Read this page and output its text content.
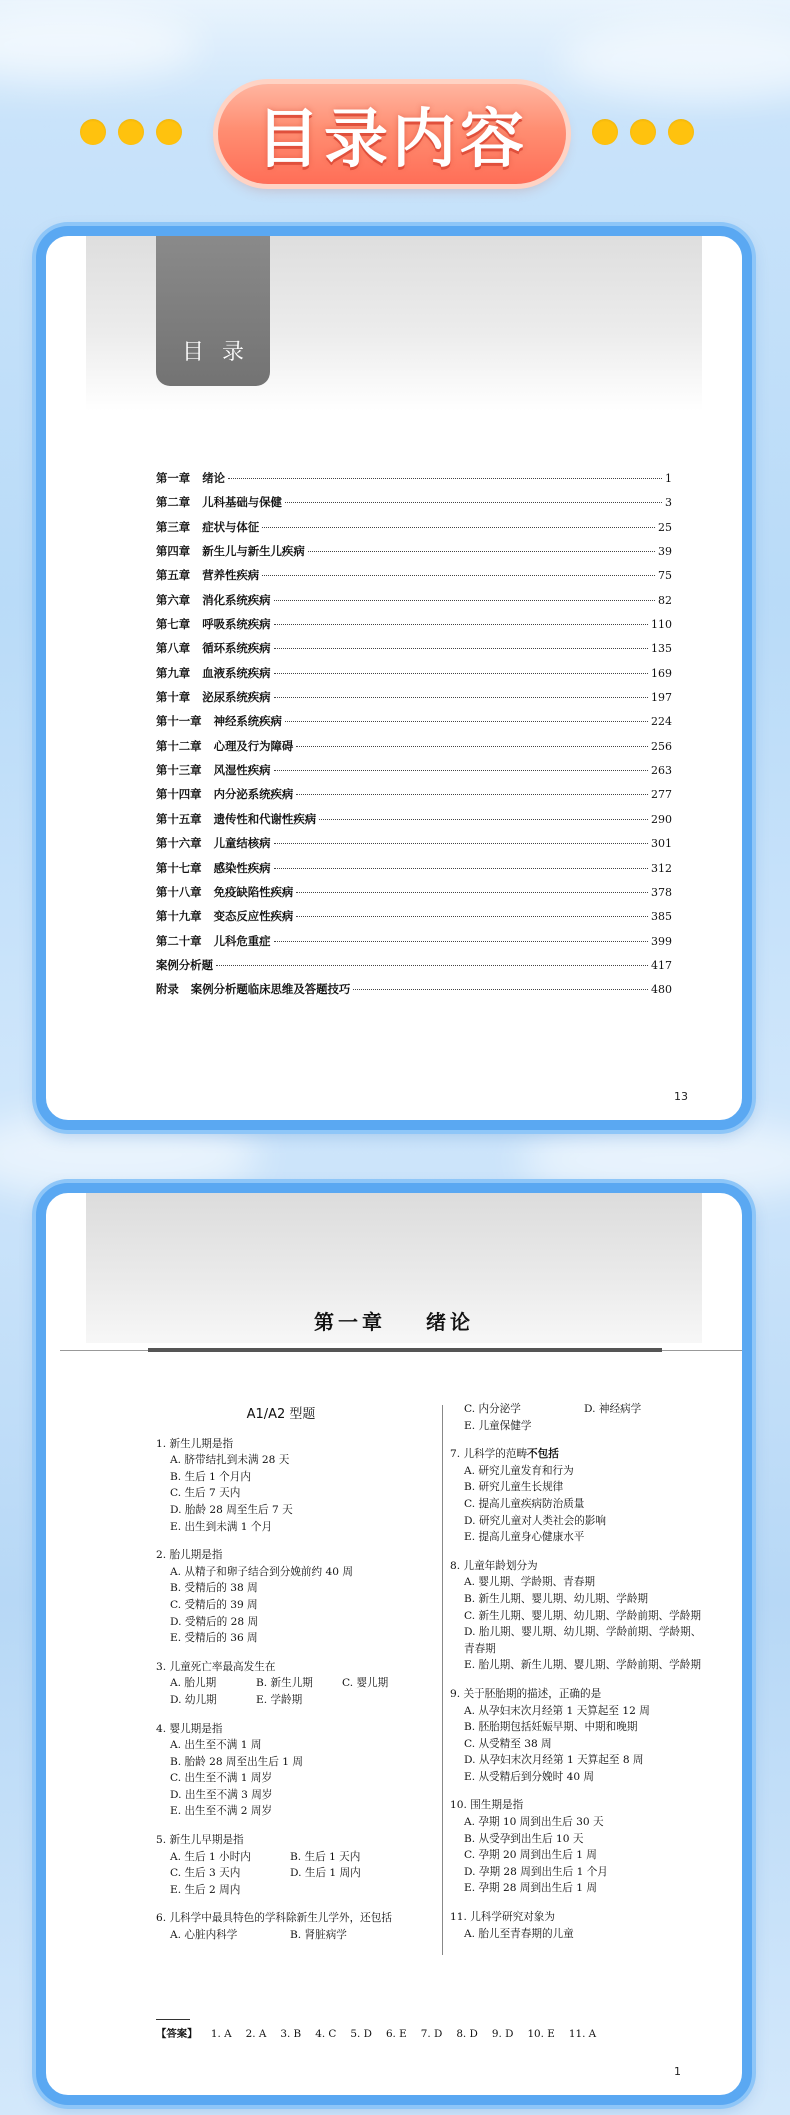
目录内容
目录
第一章 绪论	1
第二章 儿科基础与保健	3
第三章 症状与体征	25
第四章 新生儿与新生儿疾病	39
第五章 营养性疾病	75
第六章 消化系统疾病	82
第七章 呼吸系统疾病	110
第八章 循环系统疾病	135
第九章 血液系统疾病	169
第十章 泌尿系统疾病	197
第十一章 神经系统疾病	224
第十二章 心理及行为障碍	256
第十三章 风湿性疾病	263
第十四章 内分泌系统疾病	277
第十五章 遗传性和代谢性疾病	290
第十六章 儿童结核病	301
第十七章 感染性疾病	312
第十八章 免疫缺陷性疾病	378
第十九章 变态反应性疾病	385
第二十章 儿科危重症	399
案例分析题	417
附录 案例分析题临床思维及答题技巧	480
13
第一章 绪论
A1/A2 型题
1. 新生儿期是指
A. 脐带结扎到未满 28 天
B. 生后 1 个月内
C. 生后 7 天内
D. 胎龄 28 周至生后 7 天
E. 出生到未满 1 个月
2. 胎儿期是指
A. 从精子和卵子结合到分娩前约 40 周
B. 受精后的 38 周
C. 受精后的 39 周
D. 受精后的 28 周
E. 受精后的 36 周
3. 儿童死亡率最高发生在
A. 胎儿期	B. 新生儿期	C. 婴儿期
D. 幼儿期	E. 学龄期
4. 婴儿期是指
A. 出生至不满 1 周
B. 胎龄 28 周至出生后 1 周
C. 出生至不满 1 周岁
D. 出生至不满 3 周岁
E. 出生至不满 2 周岁
5. 新生儿早期是指
A. 生后 1 小时内	B. 生后 1 天内
C. 生后 3 天内	D. 生后 1 周内
E. 生后 2 周内
6. 儿科学中最具特色的学科除新生儿学外，还包括
A. 心脏内科学	B. 肾脏病学
C. 内分泌学	D. 神经病学
E. 儿童保健学
7. 儿科学的范畴不包括
A. 研究儿童发育和行为
B. 研究儿童生长规律
C. 提高儿童疾病防治质量
D. 研究儿童对人类社会的影响
E. 提高儿童身心健康水平
8. 儿童年龄划分为
A. 婴儿期、学龄期、青春期
B. 新生儿期、婴儿期、幼儿期、学龄期
C. 新生儿期、婴儿期、幼儿期、学龄前期、学龄期
D. 胎儿期、婴儿期、幼儿期、学龄前期、学龄期、青春期
E. 胎儿期、新生儿期、婴儿期、学龄前期、学龄期
9. 关于胚胎期的描述，正确的是
A. 从孕妇末次月经第 1 天算起至 12 周
B. 胚胎期包括妊娠早期、中期和晚期
C. 从受精至 38 周
D. 从孕妇末次月经第 1 天算起至 8 周
E. 从受精后到分娩时 40 周
10. 围生期是指
A. 孕期 10 周到出生后 30 天
B. 从受孕到出生后 10 天
C. 孕期 20 周到出生后 1 周
D. 孕期 28 周到出生后 1 个月
E. 孕期 28 周到出生后 1 周
11. 儿科学研究对象为
A. 胎儿至青春期的儿童
【答案】 1. A 2. A 3. B 4. C 5. D 6. E 7. D 8. D 9. D 10. E 11. A
1
